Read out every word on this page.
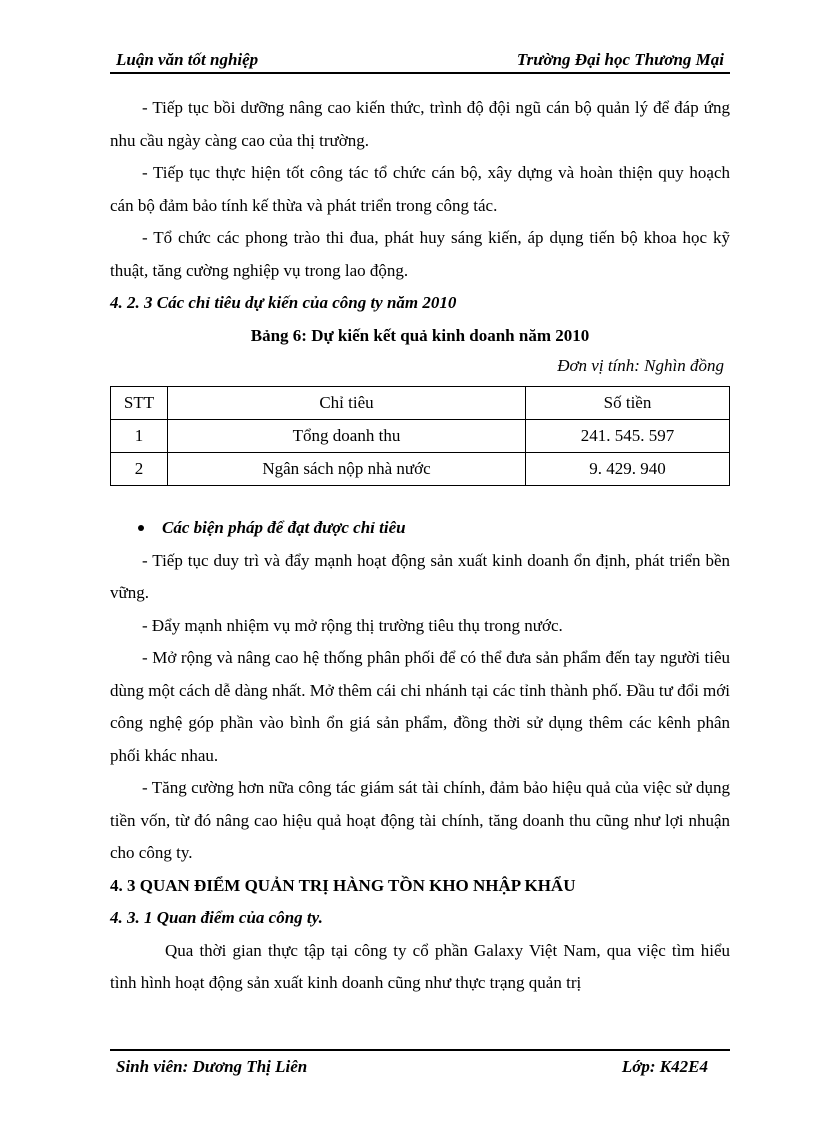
Luận văn tốt nghiệp	Trường Đại học Thương Mại

- Tiếp tục bồi dưỡng nâng cao kiến thức, trình độ đội ngũ cán bộ quản lý để đáp ứng nhu cầu ngày càng cao của thị trường.

- Tiếp tục thực hiện tốt công tác tổ chức cán bộ, xây dựng và hoàn thiện quy hoạch cán bộ đảm bảo tính kế thừa và phát triển trong công tác.

- Tổ chức các phong trào thi đua, phát huy sáng kiến, áp dụng tiến bộ khoa học kỹ thuật, tăng cường nghiệp vụ trong lao động.

4. 2. 3 Các chỉ tiêu dự kiến của công ty năm 2010

Bảng 6: Dự kiến kết quả kinh doanh năm 2010

Đơn vị tính: Nghìn đồng

STT	Chỉ tiêu	Số tiền
1	Tổng doanh thu	241. 545. 597
2	Ngân sách nộp nhà nước	9. 429. 940
Các biện pháp để đạt được chỉ tiêu

- Tiếp tục duy trì và đẩy mạnh hoạt động sản xuất kinh doanh ổn định, phát triển bền vững.

- Đẩy mạnh nhiệm vụ mở rộng thị trường tiêu thụ trong nước.

- Mở rộng và nâng cao hệ thống phân phối để có thể đưa sản phẩm đến tay người tiêu dùng một cách dễ dàng nhất. Mở thêm cái chi nhánh tại các tỉnh thành phố. Đầu tư đổi mới công nghệ góp phần vào bình ổn giá sản phẩm, đồng thời sử dụng thêm các kênh phân phối khác nhau.

- Tăng cường hơn nữa công tác giám sát tài chính, đảm bảo hiệu quả của việc sử dụng tiền vốn, từ đó nâng cao hiệu quả hoạt động tài chính, tăng doanh thu cũng như lợi nhuận cho công ty.

4. 3 QUAN ĐIỂM QUẢN TRỊ HÀNG TỒN KHO NHẬP KHẨU

4. 3. 1 Quan điểm của công ty.

Qua thời gian thực tập tại công ty cổ phần Galaxy Việt Nam, qua việc tìm hiểu tình hình hoạt động sản xuất kinh doanh cũng như thực trạng quản trị

Sinh viên: Dương Thị Liên	Lớp: K42E4
